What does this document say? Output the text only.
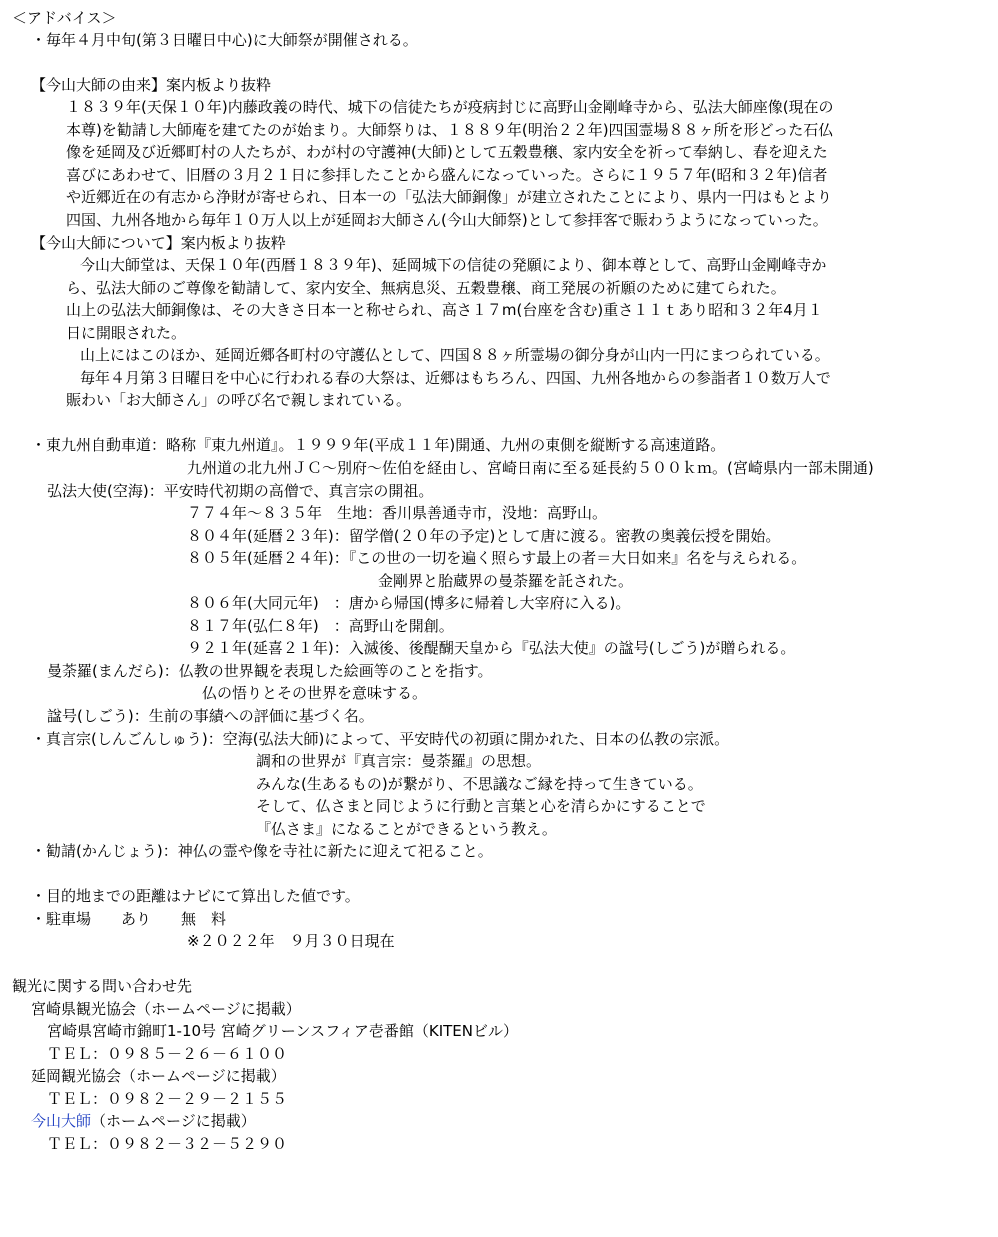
＜アドバイス＞
・毎年４月中旬(第３日曜日中心)に大師祭が開催される。
【今山大師の由来】案内板より抜粋
１８３９年(天保１０年)内藤政義の時代、城下の信徒たちが疫病封じに高野山金剛峰寺から、弘法大師座像(現在の
本尊)を勧請し大師庵を建てたのが始まり。大師祭りは、１８８９年(明治２２年)四国霊場８８ヶ所を形どった石仏
像を延岡及び近郷町村の人たちが、わが村の守護神(大師)として五穀豊穣、家内安全を祈って奉納し、春を迎えた
喜びにあわせて、旧暦の３月２１日に参拝したことから盛んになっていった。さらに１９５７年(昭和３２年)信者
や近郷近在の有志から浄財が寄せられ、日本一の「弘法大師銅像」が建立されたことにより、県内一円はもとより
四国、九州各地から毎年１０万人以上が延岡お大師さん(今山大師祭)として参拝客で賑わうようになっていった。
【今山大師について】案内板より抜粋
今山大師堂は、天保１０年(西暦１８３９年)、延岡城下の信徒の発願により、御本尊として、高野山金剛峰寺か
ら、弘法大師のご尊像を勧請して、家内安全、無病息災、五穀豊穣、商工発展の祈願のために建てられた。
山上の弘法大師銅像は、その大きさ日本一と称せられ、高さ１７m(台座を含む)重さ１１ｔあり昭和３２年4月１
日に開眼された。
山上にはこのほか、延岡近郷各町村の守護仏として、四国８８ヶ所霊場の御分身が山内一円にまつられている。
毎年４月第３日曜日を中心に行われる春の大祭は、近郷はもちろん、四国、九州各地からの参詣者１０数万人で
賑わい「お大師さん」の呼び名で親しまれている。
・東九州自動車道：略称『東九州道』。１９９９年(平成１１年)開通、九州の東側を縦断する高速道路。
九州道の北九州ＪＣ～別府～佐伯を経由し、宮崎日南に至る延長約５００ｋｍ。(宮崎県内一部未開通)
弘法大使(空海)：平安時代初期の高僧で、真言宗の開祖。
７７４年～８３５年　生地：香川県善通寺市，没地：高野山。
８０４年(延暦２３年)：留学僧(２０年の予定)として唐に渡る。密教の奥義伝授を開始。
８０５年(延暦２４年)：『この世の一切を遍く照らす最上の者＝大日如来』名を与えられる。
金剛界と胎蔵界の曼荼羅を託された。
８０６年(大同元年)　：唐から帰国(博多に帰着し大宰府に入る)。
８１７年(弘仁８年)　：高野山を開創。
９２１年(延喜２１年)：入滅後、後醍醐天皇から『弘法大使』の諡号(しごう)が贈られる。
曼荼羅(まんだら)：仏教の世界観を表現した絵画等のことを指す。
仏の悟りとその世界を意味する。
諡号(しごう)：生前の事績への評価に基づく名。
・真言宗(しんごんしゅう)：空海(弘法大師)によって、平安時代の初頭に開かれた、日本の仏教の宗派。
調和の世界が『真言宗：曼荼羅』の思想。
みんな(生あるもの)が繋がり、不思議なご縁を持って生きている。
そして、仏さまと同じように行動と言葉と心を清らかにすることで
『仏さま』になることができるという教え。
・勧請(かんじょう)：神仏の霊や像を寺社に新たに迎えて祀ること。
・目的地までの距離はナビにて算出した値です。
・駐車場　　あり　　無　料
※２０２２年　９月３０日現在
観光に関する問い合わせ先
宮崎県観光協会（ホームページに掲載）
宮崎県宮崎市錦町1-10号 宮崎グリーンスフィア壱番館（KITENビル）
ＴＥＬ：０９８５－２６－６１００
延岡観光協会（ホームページに掲載）
ＴＥＬ：０９８２－２９－２１５５
今山大師（ホームページに掲載）
ＴＥＬ：０９８２－３２－５２９０
